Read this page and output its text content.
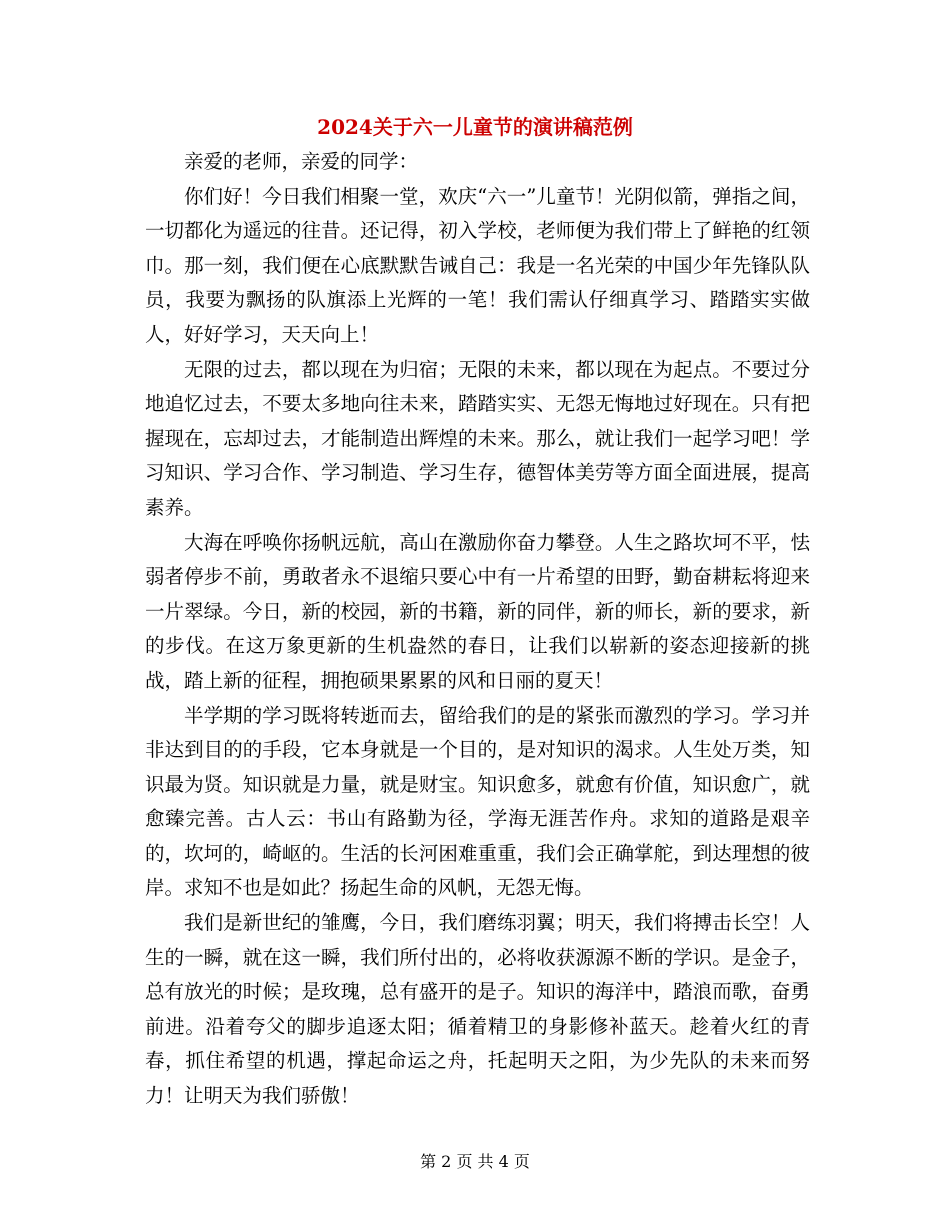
2024关于六一儿童节的演讲稿范例

亲爱的老师，亲爱的同学：

你们好！今日我们相聚一堂，欢庆“六一”儿童节！光阴似箭，弹指之间，一切都化为遥远的往昔。还记得，初入学校，老师便为我们带上了鲜艳的红领巾。那一刻，我们便在心底默默告诫自己：我是一名光荣的中国少年先锋队队员，我要为飘扬的队旗添上光辉的一笔！我们需认仔细真学习、踏踏实实做人，好好学习，天天向上！

无限的过去，都以现在为归宿；无限的未来，都以现在为起点。不要过分地追忆过去，不要太多地向往未来，踏踏实实、无怨无悔地过好现在。只有把握现在，忘却过去，才能制造出辉煌的未来。那么，就让我们一起学习吧！学习知识、学习合作、学习制造、学习生存，德智体美劳等方面全面进展，提高素养。

大海在呼唤你扬帆远航，高山在激励你奋力攀登。人生之路坎坷不平，怯弱者停步不前，勇敢者永不退缩只要心中有一片希望的田野，勤奋耕耘将迎来一片翠绿。今日，新的校园，新的书籍，新的同伴，新的师长，新的要求，新的步伐。在这万象更新的生机盎然的春日，让我们以崭新的姿态迎接新的挑战，踏上新的征程，拥抱硕果累累的风和日丽的夏天！

半学期的学习既将转逝而去，留给我们的是的紧张而激烈的学习。学习并非达到目的的手段，它本身就是一个目的，是对知识的渴求。人生处万类，知识最为贤。知识就是力量，就是财宝。知识愈多，就愈有价值，知识愈广，就愈臻完善。古人云：书山有路勤为径，学海无涯苦作舟。求知的道路是艰辛的，坎坷的，崎岖的。生活的长河困难重重，我们会正确掌舵，到达理想的彼岸。求知不也是如此？扬起生命的风帆，无怨无悔。

我们是新世纪的雏鹰，今日，我们磨练羽翼；明天，我们将搏击长空！人生的一瞬，就在这一瞬，我们所付出的，必将收获源源不断的学识。是金子，总有放光的时候；是玫瑰，总有盛开的是子。知识的海洋中，踏浪而歌，奋勇前进。沿着夸父的脚步追逐太阳；循着精卫的身影修补蓝天。趁着火红的青春，抓住希望的机遇，撑起命运之舟，托起明天之阳，为少先队的未来而努力！让明天为我们骄傲！

第 2 页 共 4 页
